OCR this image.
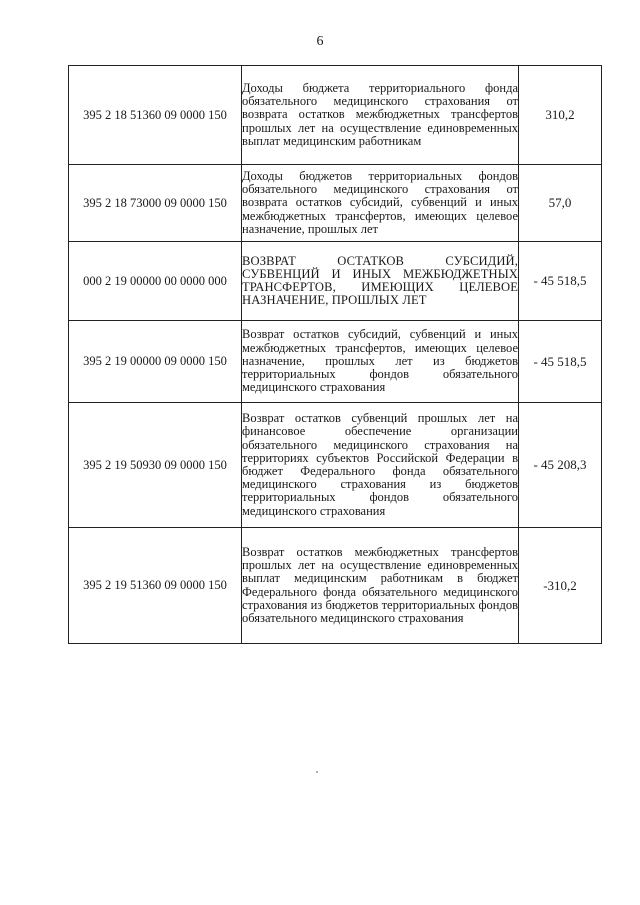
6
395 2 18 51360 09 0000 150	Доходы бюджета территориального фонда обязательного медицинского страхования от возврата остатков межбюджетных трансфертов прошлых лет на осуществление единовременных выплат медицинским работникам	310,2
395 2 18 73000 09 0000 150	Доходы бюджетов территориальных фондов обязательного медицинского страхования от возврата остатков субсидий, субвенций и иных межбюджетных трансфертов, имеющих целевое назначение, прошлых лет	57,0
000 2 19 00000 00 0000 000	ВОЗВРАТ ОСТАТКОВ СУБСИДИЙ, СУБВЕНЦИЙ И ИНЫХ МЕЖБЮДЖЕТНЫХ ТРАНСФЕРТОВ, ИМЕЮЩИХ ЦЕЛЕВОЕ НАЗНАЧЕНИЕ, ПРОШЛЫХ ЛЕТ	- 45 518,5
395 2 19 00000 09 0000 150	Возврат остатков субсидий, субвенций и иных межбюджетных трансфертов, имеющих целевое назначение, прошлых лет из бюджетов территориальных фондов обязательного медицинского страхования	- 45 518,5
395 2 19 50930 09 0000 150	Возврат остатков субвенций прошлых лет на финансовое обеспечение организации обязательного медицинского страхования на территориях субъектов Российской Федерации в бюджет Федерального фонда обязательного медицинского страхования из бюджетов территориальных фондов обязательного медицинского страхования	- 45 208,3
395 2 19 51360 09 0000 150	Возврат остатков межбюджетных трансфертов прошлых лет на осуществление единовременных выплат медицинским работникам в бюджет Федерального фонда обязательного медицинского страхования из бюджетов территориальных фондов обязательного медицинского страхования	-310,2
